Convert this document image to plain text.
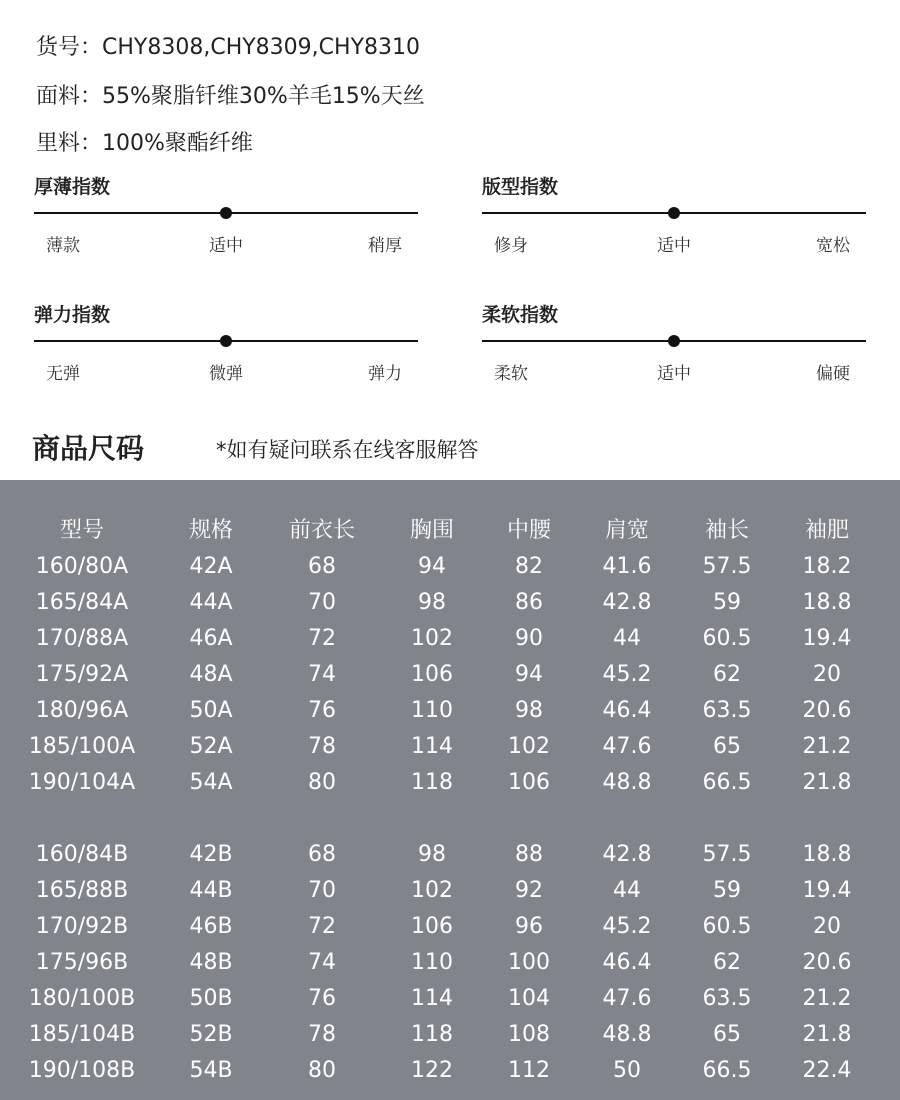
货号：CHY8308,CHY8309,CHY8310
面料：55%聚脂钎维30%羊毛15%天丝
里料：100%聚酯纤维
厚薄指数
薄款	适中	稍厚
版型指数
修身	适中	宽松
弹力指数
无弹	微弹	弹力
柔软指数
柔软	适中	偏硬
商品尺码	*如有疑问联系在线客服解答
型号	规格	前衣长	胸围	中腰	肩宽	袖长	袖肥
160/80A	42A	68	94	82	41.6	57.5	18.2
165/84A	44A	70	98	86	42.8	59	18.8
170/88A	46A	72	102	90	44	60.5	19.4
175/92A	48A	74	106	94	45.2	62	20
180/96A	50A	76	110	98	46.4	63.5	20.6
185/100A	52A	78	114	102	47.6	65	21.2
190/104A	54A	80	118	106	48.8	66.5	21.8
160/84B	42B	68	98	88	42.8	57.5	18.8
165/88B	44B	70	102	92	44	59	19.4
170/92B	46B	72	106	96	45.2	60.5	20
175/96B	48B	74	110	100	46.4	62	20.6
180/100B	50B	76	114	104	47.6	63.5	21.2
185/104B	52B	78	118	108	48.8	65	21.8
190/108B	54B	80	122	112	50	66.5	22.4
